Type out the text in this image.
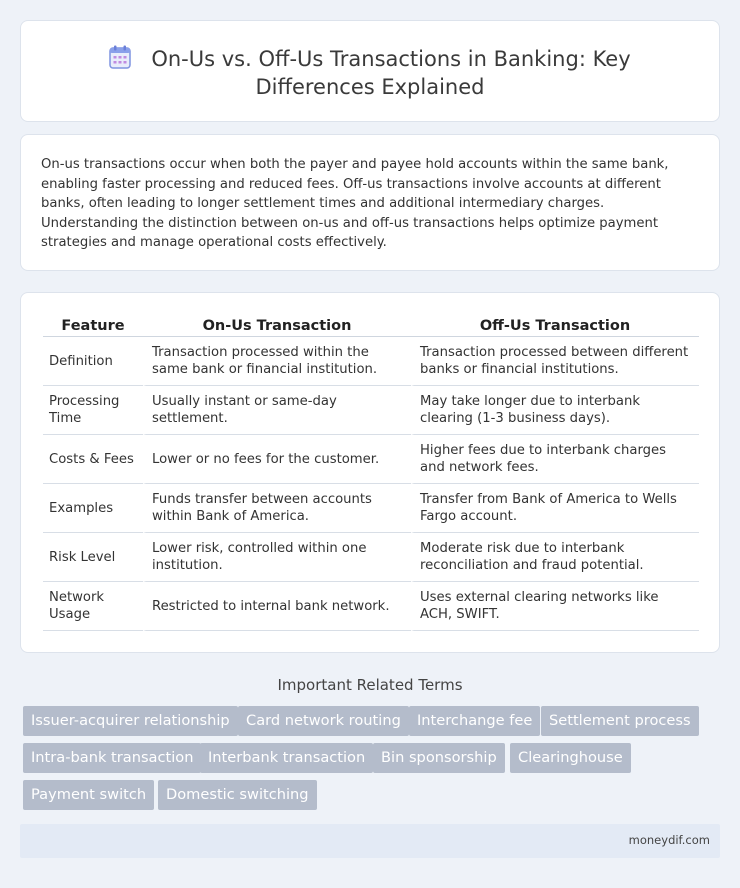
On-Us vs. Off-Us Transactions in Banking: Key Differences Explained

On-us transactions occur when both the payer and payee hold accounts within the same bank, enabling faster processing and reduced fees. Off-us transactions involve accounts at different banks, often leading to longer settlement times and additional intermediary charges. Understanding the distinction between on-us and off-us transactions helps optimize payment strategies and manage operational costs effectively.

Feature	On-Us Transaction	Off-Us Transaction
Definition	Transaction processed within the same bank or financial institution.	Transaction processed between different banks or financial institutions.
Processing Time	Usually instant or same-day settlement.	May take longer due to interbank clearing (1-3 business days).
Costs & Fees	Lower or no fees for the customer.	Higher fees due to interbank charges and network fees.
Examples	Funds transfer between accounts within Bank of America.	Transfer from Bank of America to Wells Fargo account.
Risk Level	Lower risk, controlled within one institution.	Moderate risk due to interbank reconciliation and fraud potential.
Network Usage	Restricted to internal bank network.	Uses external clearing networks like ACH, SWIFT.
Important Related Terms
Issuer-acquirer relationship	Card network routing	Interchange fee	Settlement process
Intra-bank transaction Interbank transaction	Bin sponsorship	Clearinghouse
Payment switch	Domestic switching
moneydif.com
